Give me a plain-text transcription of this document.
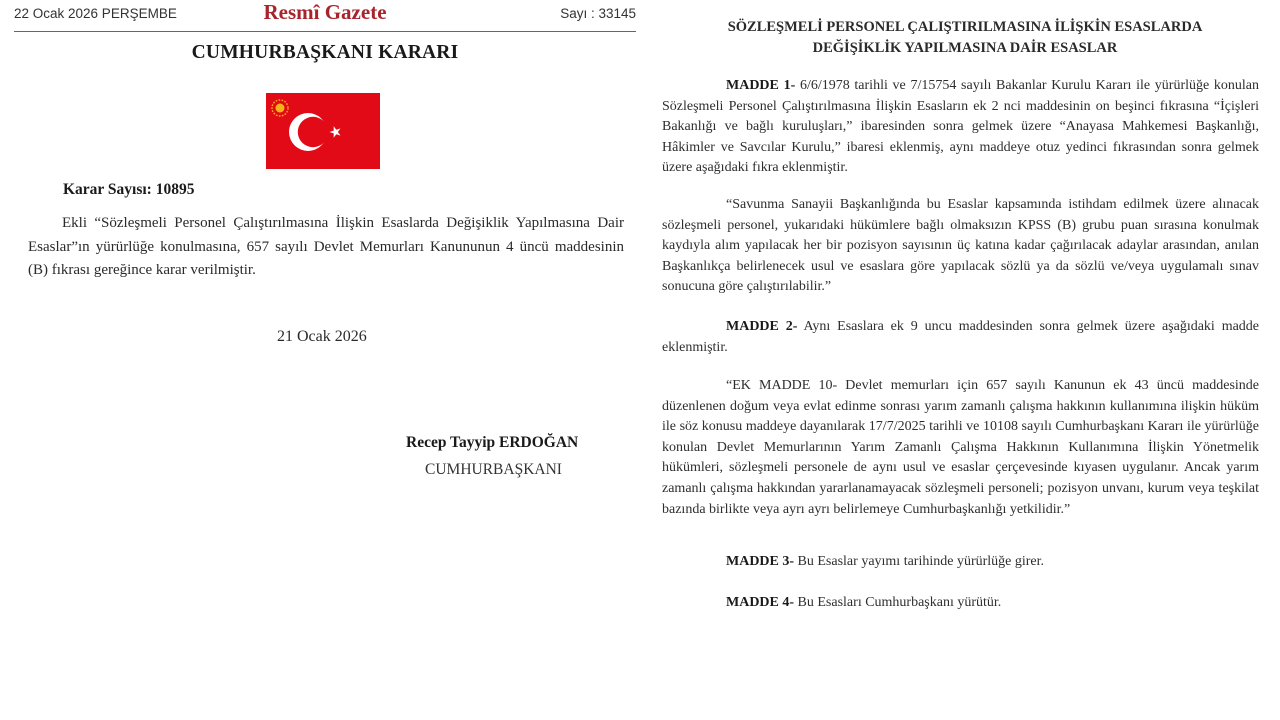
22 Ocak 2026 PERŞEMBE	Resmî Gazete	Sayı : 33145
CUMHURBAŞKANI KARARI
Karar Sayısı: 10895
Ekli “Sözleşmeli Personel Çalıştırılmasına İlişkin Esaslarda Değişiklik Yapılmasına Dair Esaslar”ın yürürlüğe konulmasına, 657 sayılı Devlet Memurları Kanununun 4 üncü maddesinin (B) fıkrası gereğince karar verilmiştir.
21 Ocak 2026
Recep Tayyip ERDOĞAN
CUMHURBAŞKANI
SÖZLEŞMELİ PERSONEL ÇALIŞTIRILMASINA İLİŞKİN ESASLARDA
DEĞİŞİKLİK YAPILMASINA DAİR ESASLAR
MADDE 1- 6/6/1978 tarihli ve 7/15754 sayılı Bakanlar Kurulu Kararı ile yürürlüğe konulan Sözleşmeli Personel Çalıştırılmasına İlişkin Esasların ek 2 nci maddesinin on beşinci fıkrasına “İçişleri Bakanlığı ve bağlı kuruluşları,” ibaresinden sonra gelmek üzere “Anayasa Mahkemesi Başkanlığı, Hâkimler ve Savcılar Kurulu,” ibaresi eklenmiş, aynı maddeye otuz yedinci fıkrasından sonra gelmek üzere aşağıdaki fıkra eklenmiştir.
“Savunma Sanayii Başkanlığında bu Esaslar kapsamında istihdam edilmek üzere alınacak sözleşmeli personel, yukarıdaki hükümlere bağlı olmaksızın KPSS (B) grubu puan sırasına konulmak kaydıyla alım yapılacak her bir pozisyon sayısının üç katına kadar çağırılacak adaylar arasından, anılan Başkanlıkça belirlenecek usul ve esaslara göre yapılacak sözlü ya da sözlü ve/veya uygulamalı sınav sonucuna göre çalıştırılabilir.”
MADDE 2- Aynı Esaslara ek 9 uncu maddesinden sonra gelmek üzere aşağıdaki madde eklenmiştir.
“EK MADDE 10- Devlet memurları için 657 sayılı Kanunun ek 43 üncü maddesinde düzenlenen doğum veya evlat edinme sonrası yarım zamanlı çalışma hakkının kullanımına ilişkin hüküm ile söz konusu maddeye dayanılarak 17/7/2025 tarihli ve 10108 sayılı Cumhurbaşkanı Kararı ile yürürlüğe konulan Devlet Memurlarının Yarım Zamanlı Çalışma Hakkının Kullanımına İlişkin Yönetmelik hükümleri, sözleşmeli personele de aynı usul ve esaslar çerçevesinde kıyasen uygulanır. Ancak yarım zamanlı çalışma hakkından yararlanamayacak sözleşmeli personeli; pozisyon unvanı, kurum veya teşkilat bazında birlikte veya ayrı ayrı belirlemeye Cumhurbaşkanlığı yetkilidir.”
MADDE 3- Bu Esaslar yayımı tarihinde yürürlüğe girer.
MADDE 4- Bu Esasları Cumhurbaşkanı yürütür.
